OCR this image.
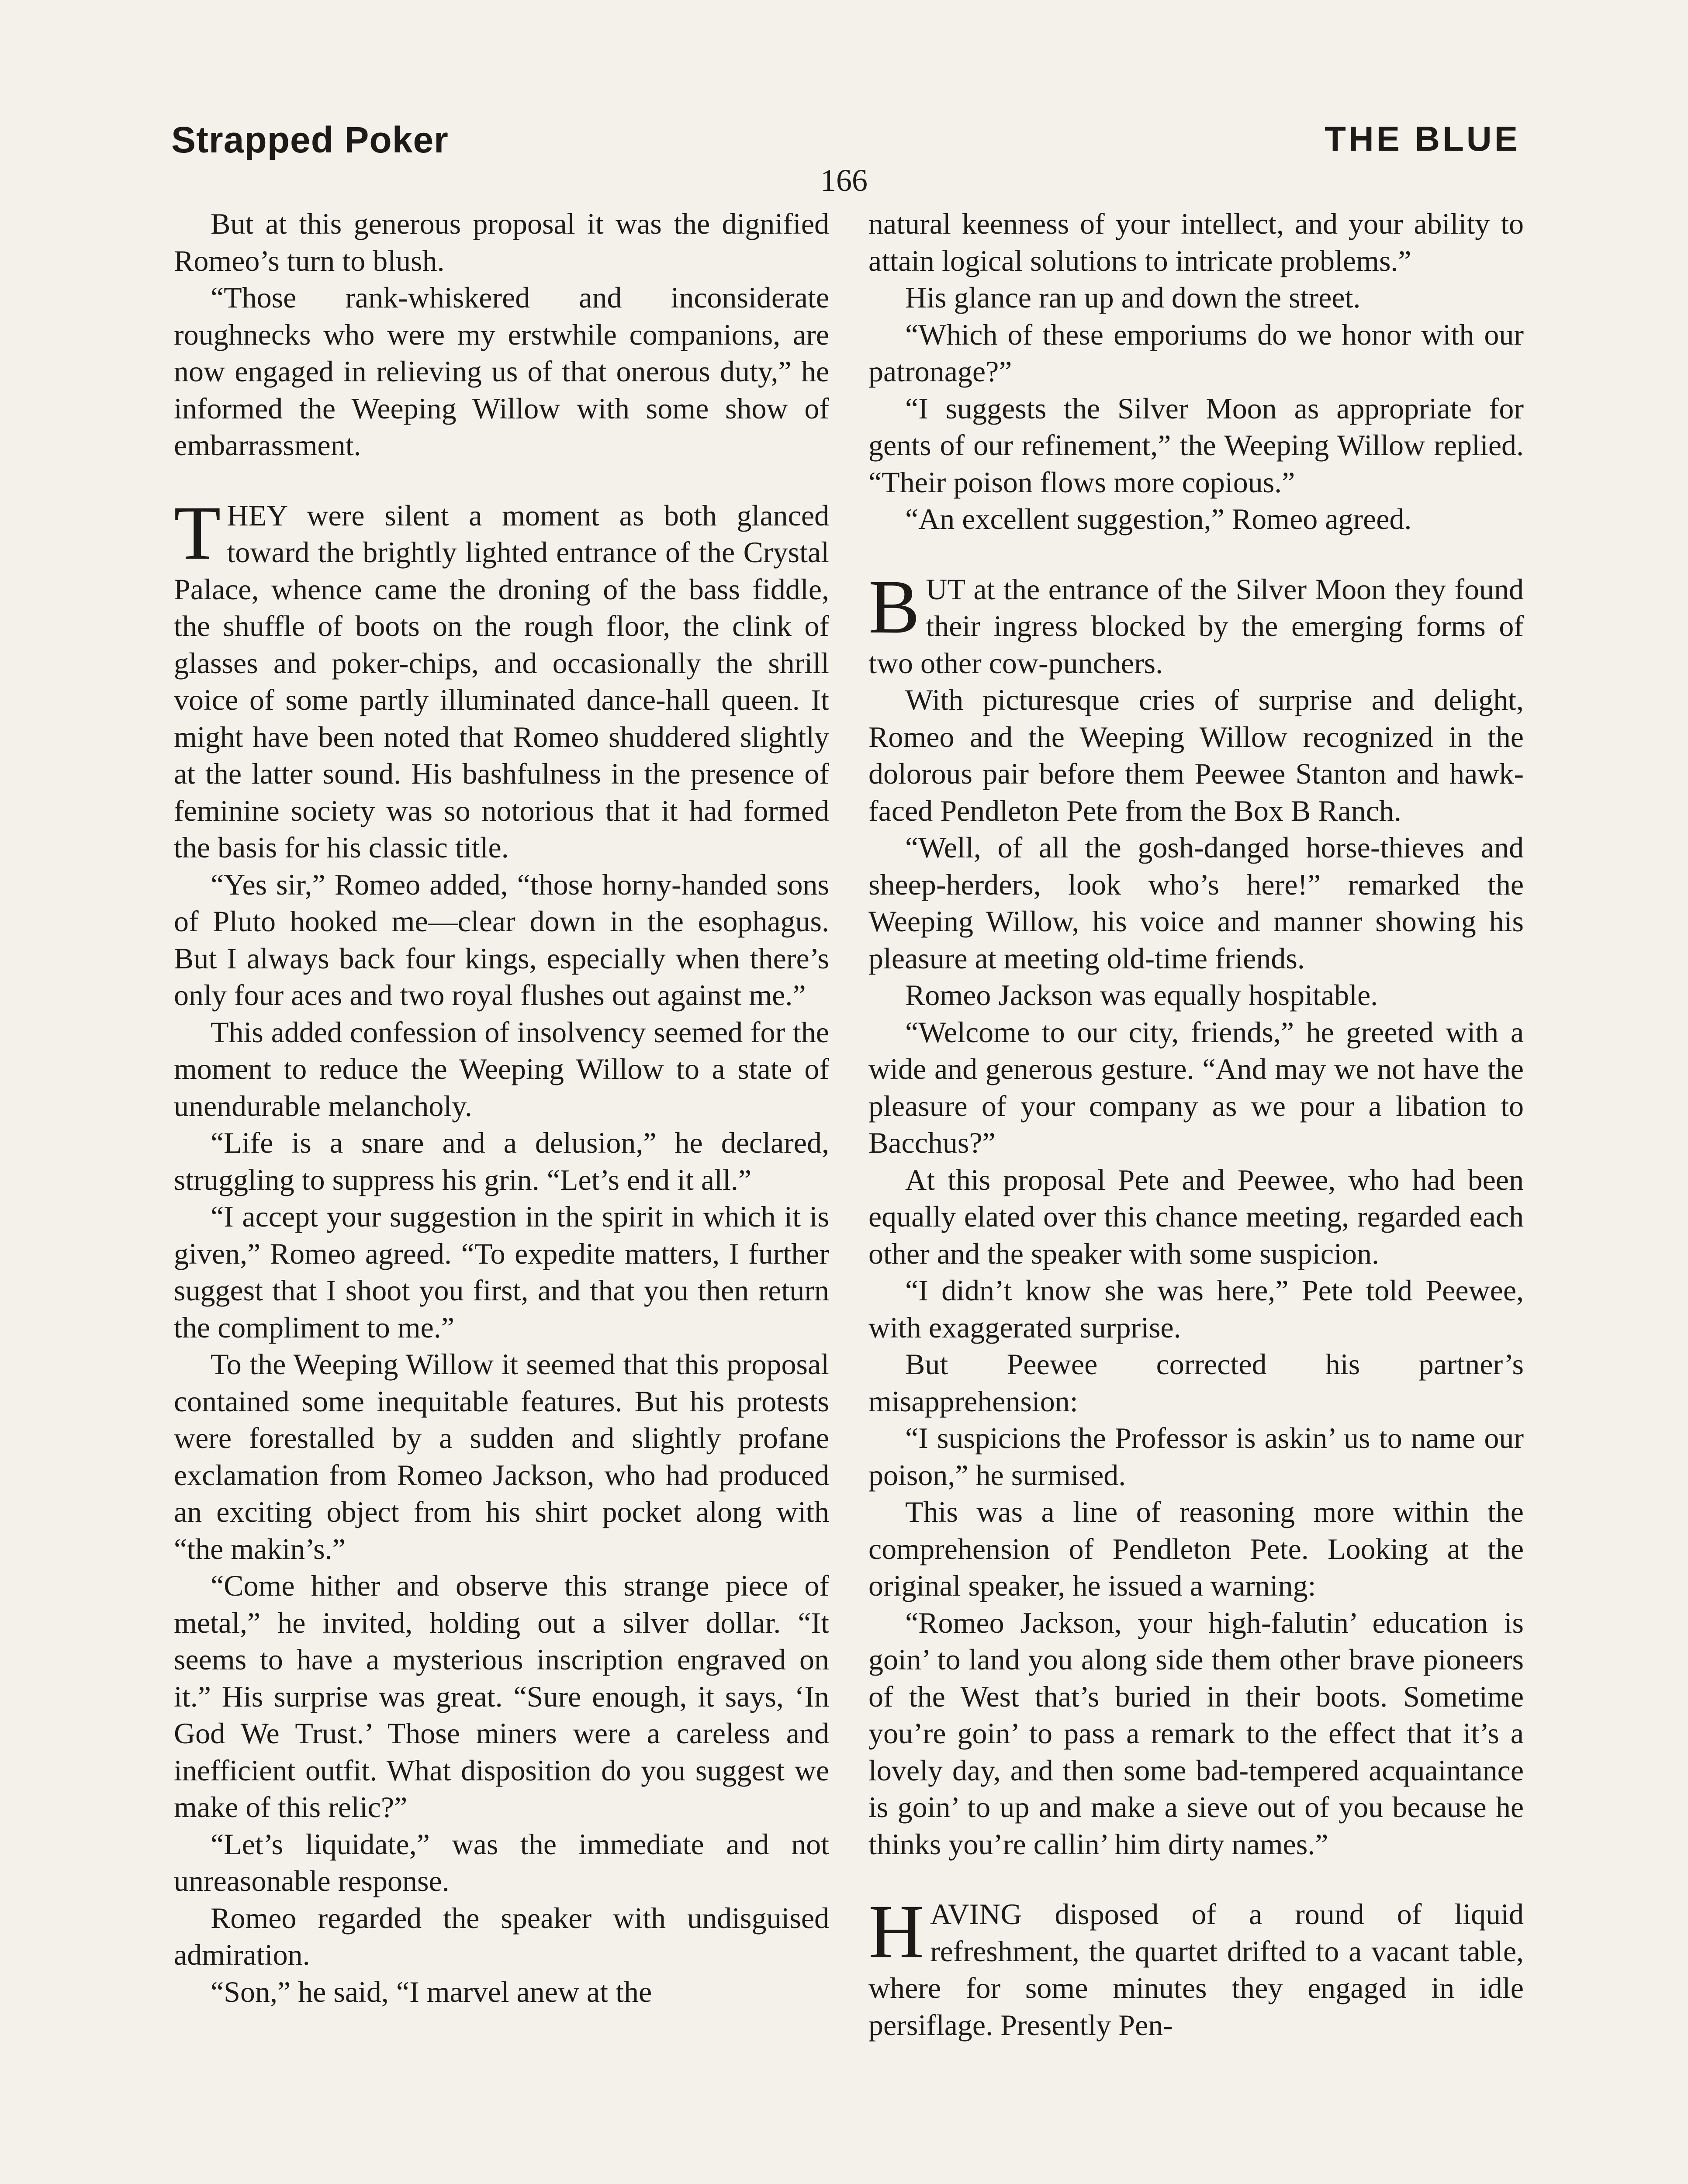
Strapped Poker	THE BLUE
166

But at this generous proposal it was the dignified Romeo’s turn to blush.

“Those rank-whiskered and inconsiderate roughnecks who were my erstwhile companions, are now engaged in relieving us of that onerous duty,” he informed the Weeping Willow with some show of embarrassment.

THEY were silent a moment as both glanced toward the brightly lighted entrance of the Crystal Palace, whence came the droning of the bass fiddle, the shuffle of boots on the rough floor, the clink of glasses and poker-chips, and occasionally the shrill voice of some partly illuminated dance-hall queen. It might have been noted that Romeo shuddered slightly at the latter sound. His bashfulness in the presence of feminine society was so notorious that it had formed the basis for his classic title.

“Yes sir,” Romeo added, “those horny-handed sons of Pluto hooked me—clear down in the esophagus. But I always back four kings, especially when there’s only four aces and two royal flushes out against me.”

This added confession of insolvency seemed for the moment to reduce the Weeping Willow to a state of unendurable melancholy.

“Life is a snare and a delusion,” he declared, struggling to suppress his grin. “Let’s end it all.”

“I accept your suggestion in the spirit in which it is given,” Romeo agreed. “To expedite matters, I further suggest that I shoot you first, and that you then return the compliment to me.”

To the Weeping Willow it seemed that this proposal contained some inequitable features. But his protests were forestalled by a sudden and slightly profane exclamation from Romeo Jackson, who had produced an exciting object from his shirt pocket along with “the makin’s.”

“Come hither and observe this strange piece of metal,” he invited, holding out a silver dollar. “It seems to have a mysterious inscription engraved on it.” His surprise was great. “Sure enough, it says, ‘In God We Trust.’ Those miners were a careless and inefficient outfit. What disposition do you suggest we make of this relic?”

“Let’s liquidate,” was the immediate and not unreasonable response.

Romeo regarded the speaker with undisguised admiration.

“Son,” he said, “I marvel anew at the

natural keenness of your intellect, and your ability to attain logical solutions to intricate problems.”

His glance ran up and down the street.

“Which of these emporiums do we honor with our patronage?”

“I suggests the Silver Moon as appropriate for gents of our refinement,” the Weeping Willow replied. “Their poison flows more copious.”

“An excellent suggestion,” Romeo agreed.

BUT at the entrance of the Silver Moon they found their ingress blocked by the emerging forms of two other cow-punchers.

With picturesque cries of surprise and delight, Romeo and the Weeping Willow recognized in the dolorous pair before them Peewee Stanton and hawk-faced Pendleton Pete from the Box B Ranch.

“Well, of all the gosh-danged horse-thieves and sheep-herders, look who’s here!” remarked the Weeping Willow, his voice and manner showing his pleasure at meeting old-time friends.

Romeo Jackson was equally hospitable.

“Welcome to our city, friends,” he greeted with a wide and generous gesture. “And may we not have the pleasure of your company as we pour a libation to Bacchus?”

At this proposal Pete and Peewee, who had been equally elated over this chance meeting, regarded each other and the speaker with some suspicion.

“I didn’t know she was here,” Pete told Peewee, with exaggerated surprise.

But Peewee corrected his partner’s misapprehension:

“I suspicions the Professor is askin’ us to name our poison,” he surmised.

This was a line of reasoning more within the comprehension of Pendleton Pete. Looking at the original speaker, he issued a warning:

“Romeo Jackson, your high-falutin’ education is goin’ to land you along side them other brave pioneers of the West that’s buried in their boots. Sometime you’re goin’ to pass a remark to the effect that it’s a lovely day, and then some bad-tempered acquaintance is goin’ to up and make a sieve out of you because he thinks you’re callin’ him dirty names.”

HAVING disposed of a round of liquid refreshment, the quartet drifted to a vacant table, where for some minutes they engaged in idle persiflage. Presently Pen-
